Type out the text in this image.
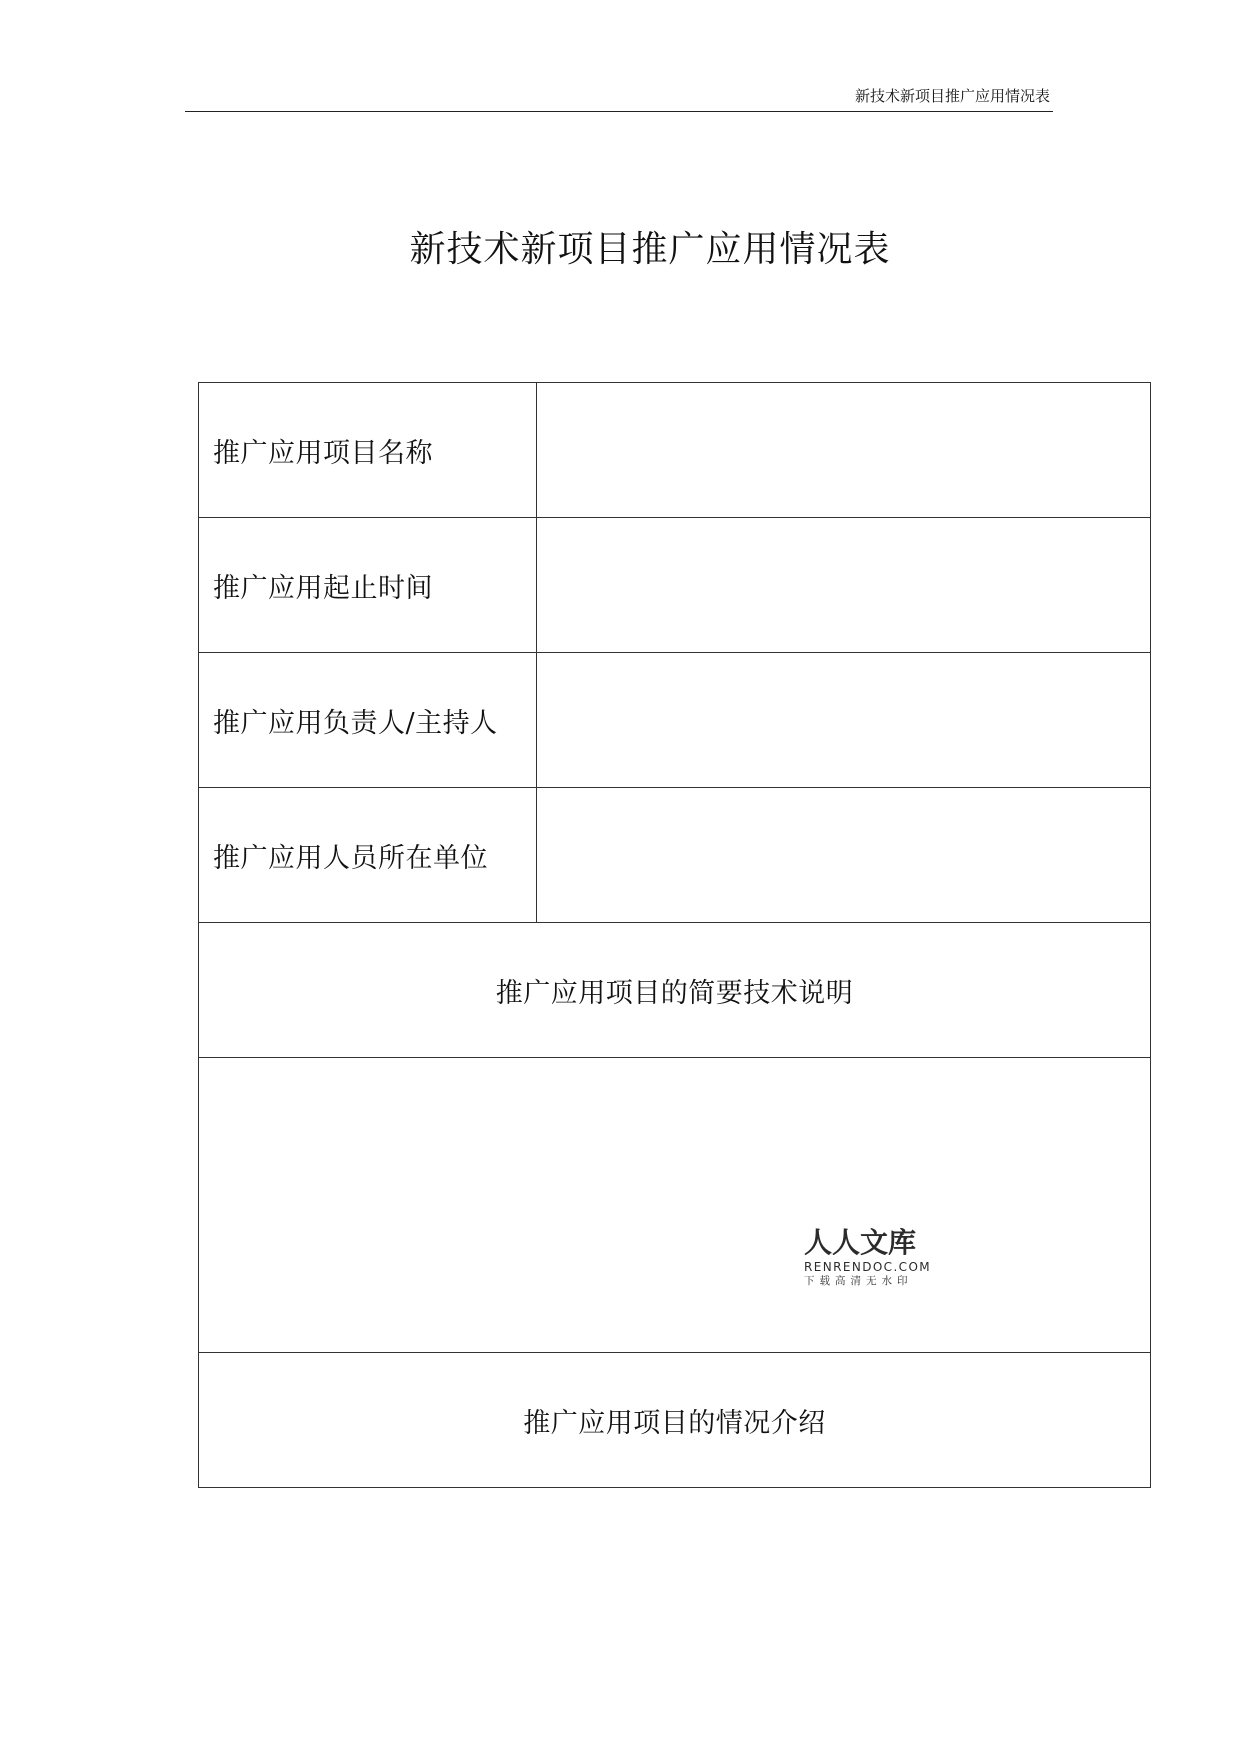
新技术新项目推广应用情况表
新技术新项目推广应用情况表
推广应用项目名称	
推广应用起止时间	
推广应用负责人/主持人	
推广应用人员所在单位	
推广应用项目的简要技术说明	

人人文库
RENRENDOC.COM
下载高清无水印	

推广应用项目的情况介绍	
